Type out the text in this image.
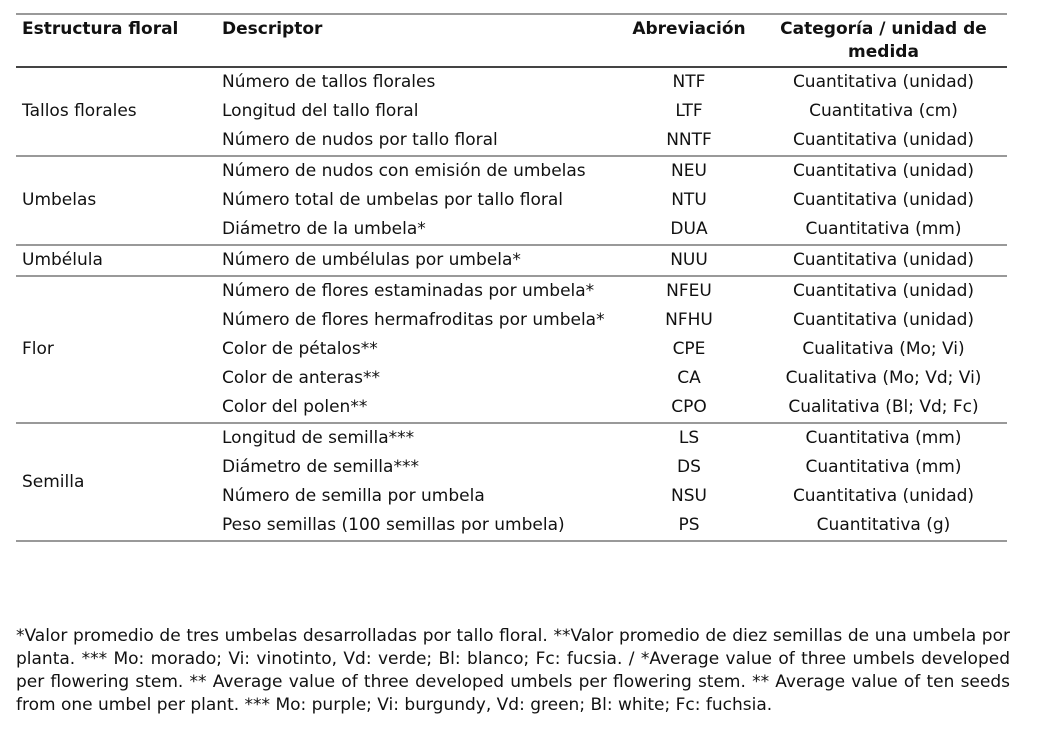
Estructura floral	Descriptor	Abreviación	Categoría / unidad de medida
Tallos florales	Número de tallos florales	NTF	Cuantitativa (unidad)
	Longitud del tallo floral	LTF	Cuantitativa (cm)
	Número de nudos por tallo floral	NNTF	Cuantitativa (unidad)
Umbelas	Número de nudos con emisión de umbelas	NEU	Cuantitativa (unidad)
	Número total de umbelas por tallo floral	NTU	Cuantitativa (unidad)
	Diámetro de la umbela*	DUA	Cuantitativa (mm)
Umbélula	Número de umbélulas por umbela*	NUU	Cuantitativa (unidad)
Flor	Número de flores estaminadas por umbela*	NFEU	Cuantitativa (unidad)
	Número de flores hermafroditas por umbela*	NFHU	Cuantitativa (unidad)
	Color de pétalos**	CPE	Cualitativa (Mo; Vi)
	Color de anteras**	CA	Cualitativa (Mo; Vd; Vi)
	Color del polen**	CPO	Cualitativa (Bl; Vd; Fc)
Semilla	Longitud de semilla***	LS	Cuantitativa (mm)
	Diámetro de semilla***	DS	Cuantitativa (mm)
	Número de semilla por umbela	NSU	Cuantitativa (unidad)
	Peso semillas (100 semillas por umbela)	PS	Cuantitativa (g)
*Valor promedio de tres umbelas desarrolladas por tallo floral. **Valor promedio de diez semillas de una umbela por planta. *** Mo: morado; Vi: vinotinto, Vd: verde; Bl: blanco; Fc: fucsia. / *Average value of three umbels developed per flowering stem. ** Average value of three developed umbels per flowering stem. ** Average value of ten seeds from one umbel per plant. *** Mo: purple; Vi: burgundy, Vd: green; Bl: white; Fc: fuchsia.
